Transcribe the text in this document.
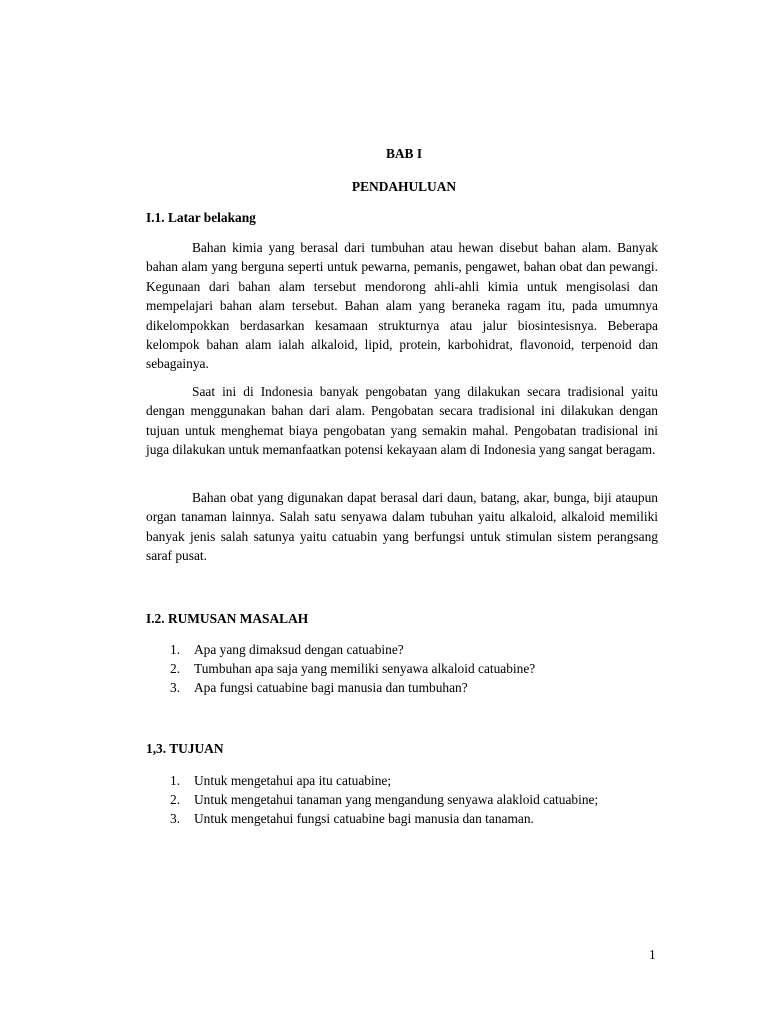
BAB I

PENDAHULUAN

I.1. Latar belakang

Bahan kimia yang berasal dari tumbuhan atau hewan disebut bahan alam. Banyak bahan alam yang berguna seperti untuk pewarna, pemanis, pengawet, bahan obat dan pewangi. Kegunaan dari bahan alam tersebut mendorong ahli-ahli kimia untuk mengisolasi dan mempelajari bahan alam tersebut. Bahan alam yang beraneka ragam itu, pada umumnya dikelompokkan berdasarkan kesamaan strukturnya atau jalur biosintesisnya. Beberapa kelompok bahan alam ialah alkaloid, lipid, protein, karbohidrat, flavonoid, terpenoid dan sebagainya.

Saat ini di Indonesia banyak pengobatan yang dilakukan secara tradisional yaitu dengan menggunakan bahan dari alam. Pengobatan secara tradisional ini dilakukan dengan tujuan untuk menghemat biaya pengobatan yang semakin mahal. Pengobatan tradisional ini juga dilakukan untuk memanfaatkan potensi kekayaan alam di Indonesia yang sangat beragam.

Bahan obat yang digunakan dapat berasal dari daun, batang, akar, bunga, biji ataupun organ tanaman lainnya. Salah satu senyawa dalam tubuhan yaitu alkaloid, alkaloid memiliki banyak jenis salah satunya yaitu catuabin yang berfungsi untuk stimulan sistem perangsang saraf pusat.

I.2. RUMUSAN MASALAH

1. Apa yang dimaksud dengan catuabine?
2. Tumbuhan apa saja yang memiliki senyawa alkaloid catuabine?
3. Apa fungsi catuabine bagi manusia dan tumbuhan?

1,3. TUJUAN

1. Untuk mengetahui apa itu catuabine;
2. Untuk mengetahui tanaman yang mengandung senyawa alakloid catuabine;
3. Untuk mengetahui fungsi catuabine bagi manusia dan tanaman.

1
